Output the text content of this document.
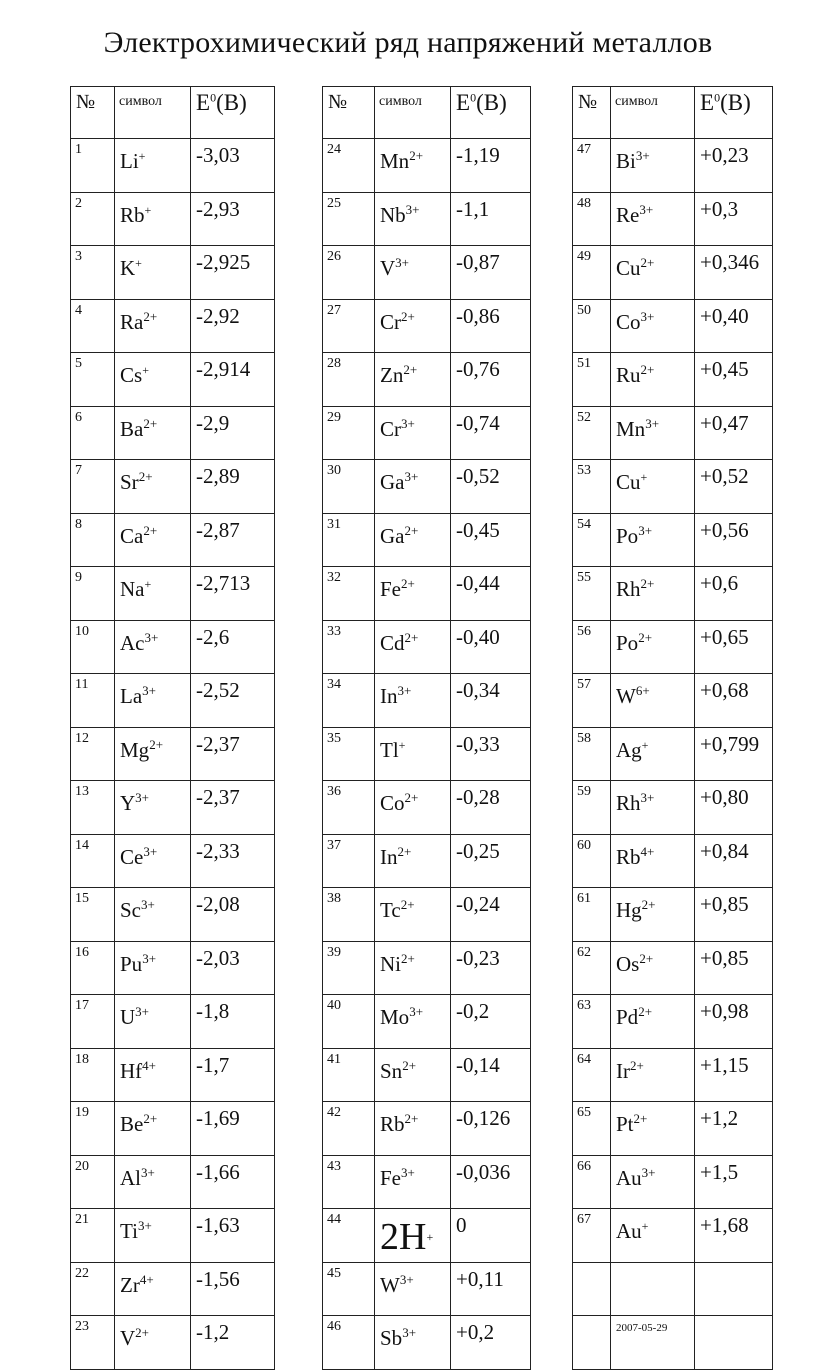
Электрохимический ряд напряжений металлов
№	символ	$E^0(В)$
1	Li+	-3,03
2	Rb+	-2,93
3	K+	-2,925
4	$Ra^{2+}$	-2,92
5	Cs+	-2,914
6	$Ba^{2+}$	-2,9
7	$Sr^{2+}$	-2,89
8	$Ca^{2+}$	-2,87
9	Na+	-2,713
10	$Ac^{3+}$	-2,6
11	$La^{3+}$	-2,52
12	$Mg^{2+}$	-2,37
13	$Y^{3+}$	-2,37
14	$Ce^{3+}$	-2,33
15	$Sc^{3+}$	-2,08
16	$Pu^{3+}$	-2,03
17	$U^{3+}$	-1,8
18	$Hf^{4+}$	-1,7
19	$Be^{2+}$	-1,69
20	$Al^{3+}$	-1,66
21	$Ti^{3+}$	-1,63
22	$Zr^{4+}$	-1,56
23	$V^{2+}$	-1,2
№	символ	$E^0(В)$
24	$Mn^{2+}$	-1,19
25	$Nb^{3+}$	-1,1
26	$V^{3+}$	-0,87
27	$Cr^{2+}$	-0,86
28	$Zn^{2+}$	-0,76
29	$Cr^{3+}$	-0,74
30	$Ga^{3+}$	-0,52
31	$Ga^{2+}$	-0,45
32	$Fe^{2+}$	-0,44
33	$Cd^{2+}$	-0,40
34	$In^{3+}$	-0,34
35	Tl+	-0,33
36	$Co^{2+}$	-0,28
37	$In^{2+}$	-0,25
38	$Tc^{2+}$	-0,24
39	$Ni^{2+}$	-0,23
40	$Mo^{3+}$	-0,2
41	$Sn^{2+}$	-0,14
42	$Rb^{2+}$	-0,126
43	$Fe^{3+}$	-0,036
44	2H+	0
45	$W^{3+}$	+0,11
46	$Sb^{3+}$	+0,2
№	символ	$E^0(В)$
47	$Bi^{3+}$	+0,23
48	$Re^{3+}$	+0,3
49	$Cu^{2+}$	+0,346
50	$Co^{3+}$	+0,40
51	$Ru^{2+}$	+0,45
52	$Mn^{3+}$	+0,47
53	Cu+	+0,52
54	$Po^{3+}$	+0,56
55	$Rh^{2+}$	+0,6
56	$Po^{2+}$	+0,65
57	$W^{6+}$	+0,68
58	Ag+	+0,799
59	$Rh^{3+}$	+0,80
60	$Rb^{4+}$	+0,84
61	$Hg^{2+}$	+0,85
62	$Os^{2+}$	+0,85
63	$Pd^{2+}$	+0,98
64	$Ir^{2+}$	+1,15
65	$Pt^{2+}$	+1,2
66	$Au^{3+}$	+1,5
67	Au+	+1,68

	2007-05-29	
